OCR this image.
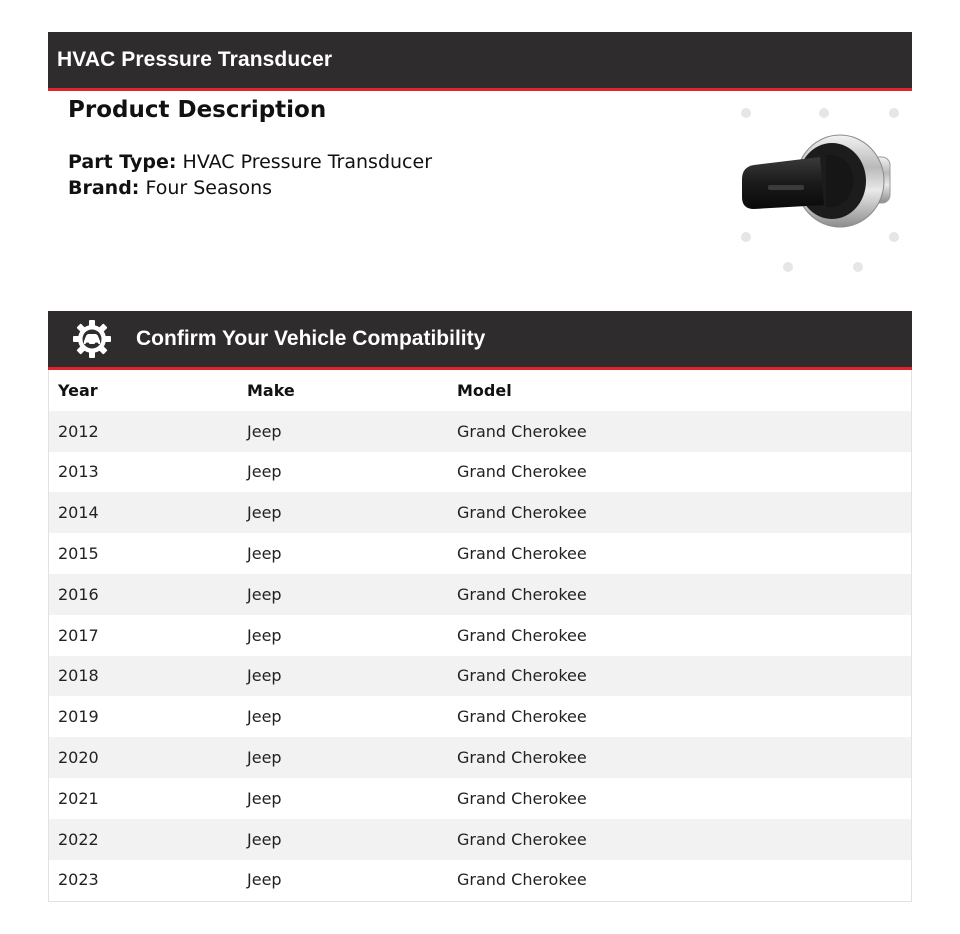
HVAC Pressure Transducer
Product Description
Part Type: HVAC Pressure Transducer
Brand: Four Seasons
Confirm Your Vehicle Compatibility
Year	Make	Model
2012	Jeep	Grand Cherokee
2013	Jeep	Grand Cherokee
2014	Jeep	Grand Cherokee
2015	Jeep	Grand Cherokee
2016	Jeep	Grand Cherokee
2017	Jeep	Grand Cherokee
2018	Jeep	Grand Cherokee
2019	Jeep	Grand Cherokee
2020	Jeep	Grand Cherokee
2021	Jeep	Grand Cherokee
2022	Jeep	Grand Cherokee
2023	Jeep	Grand Cherokee
